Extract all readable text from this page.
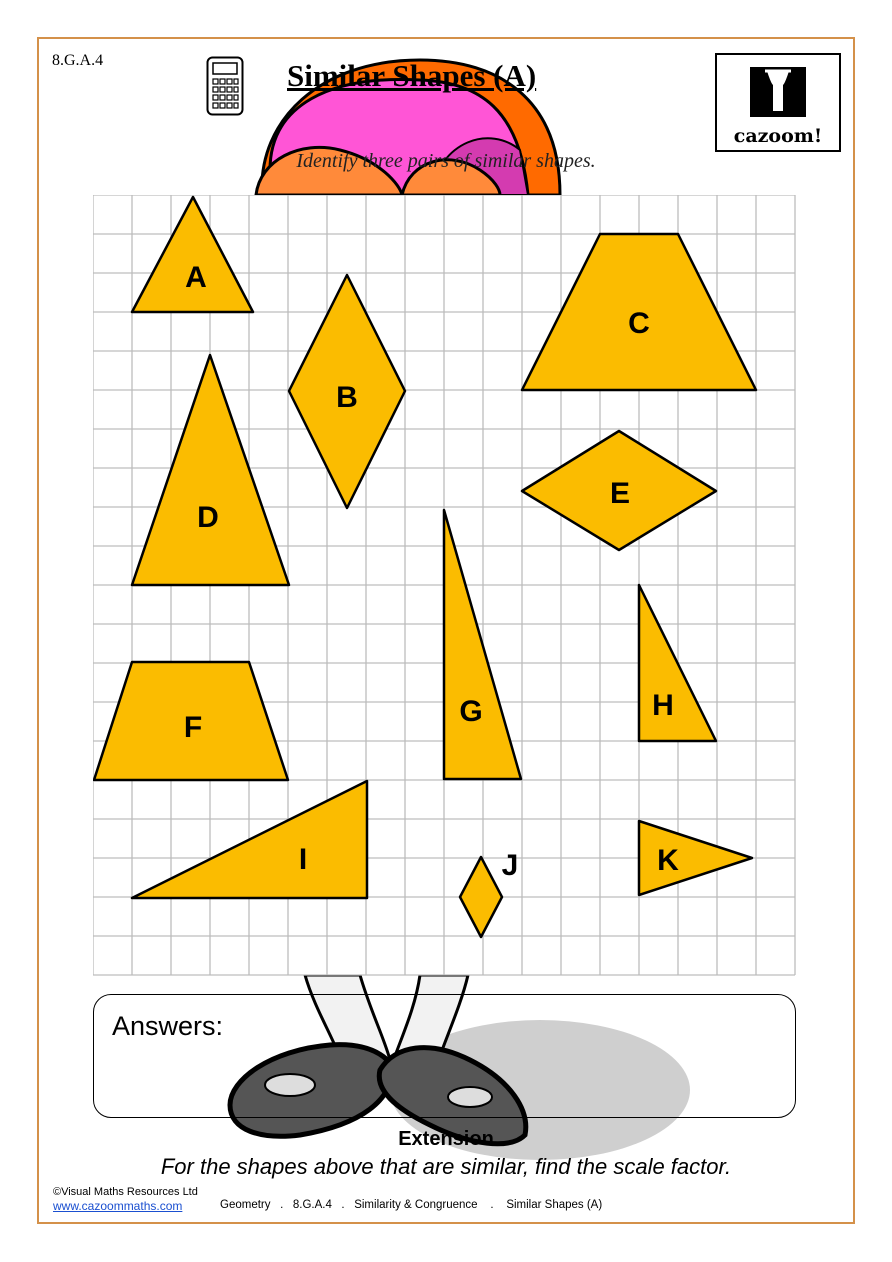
8.G.A.4	Similar Shapes (A)
cazoom!
Identify three pairs of similar shapes.
A
B
C
D
E
F	G	H
I	J	K
Answers:
Extension
For the shapes above that are similar, find the scale factor.
©Visual Maths Resources Ltd
www.cazoommaths.com	Geometry   .   8.G.A.4   .   Similarity & Congruence    .    Similar Shapes (A)
